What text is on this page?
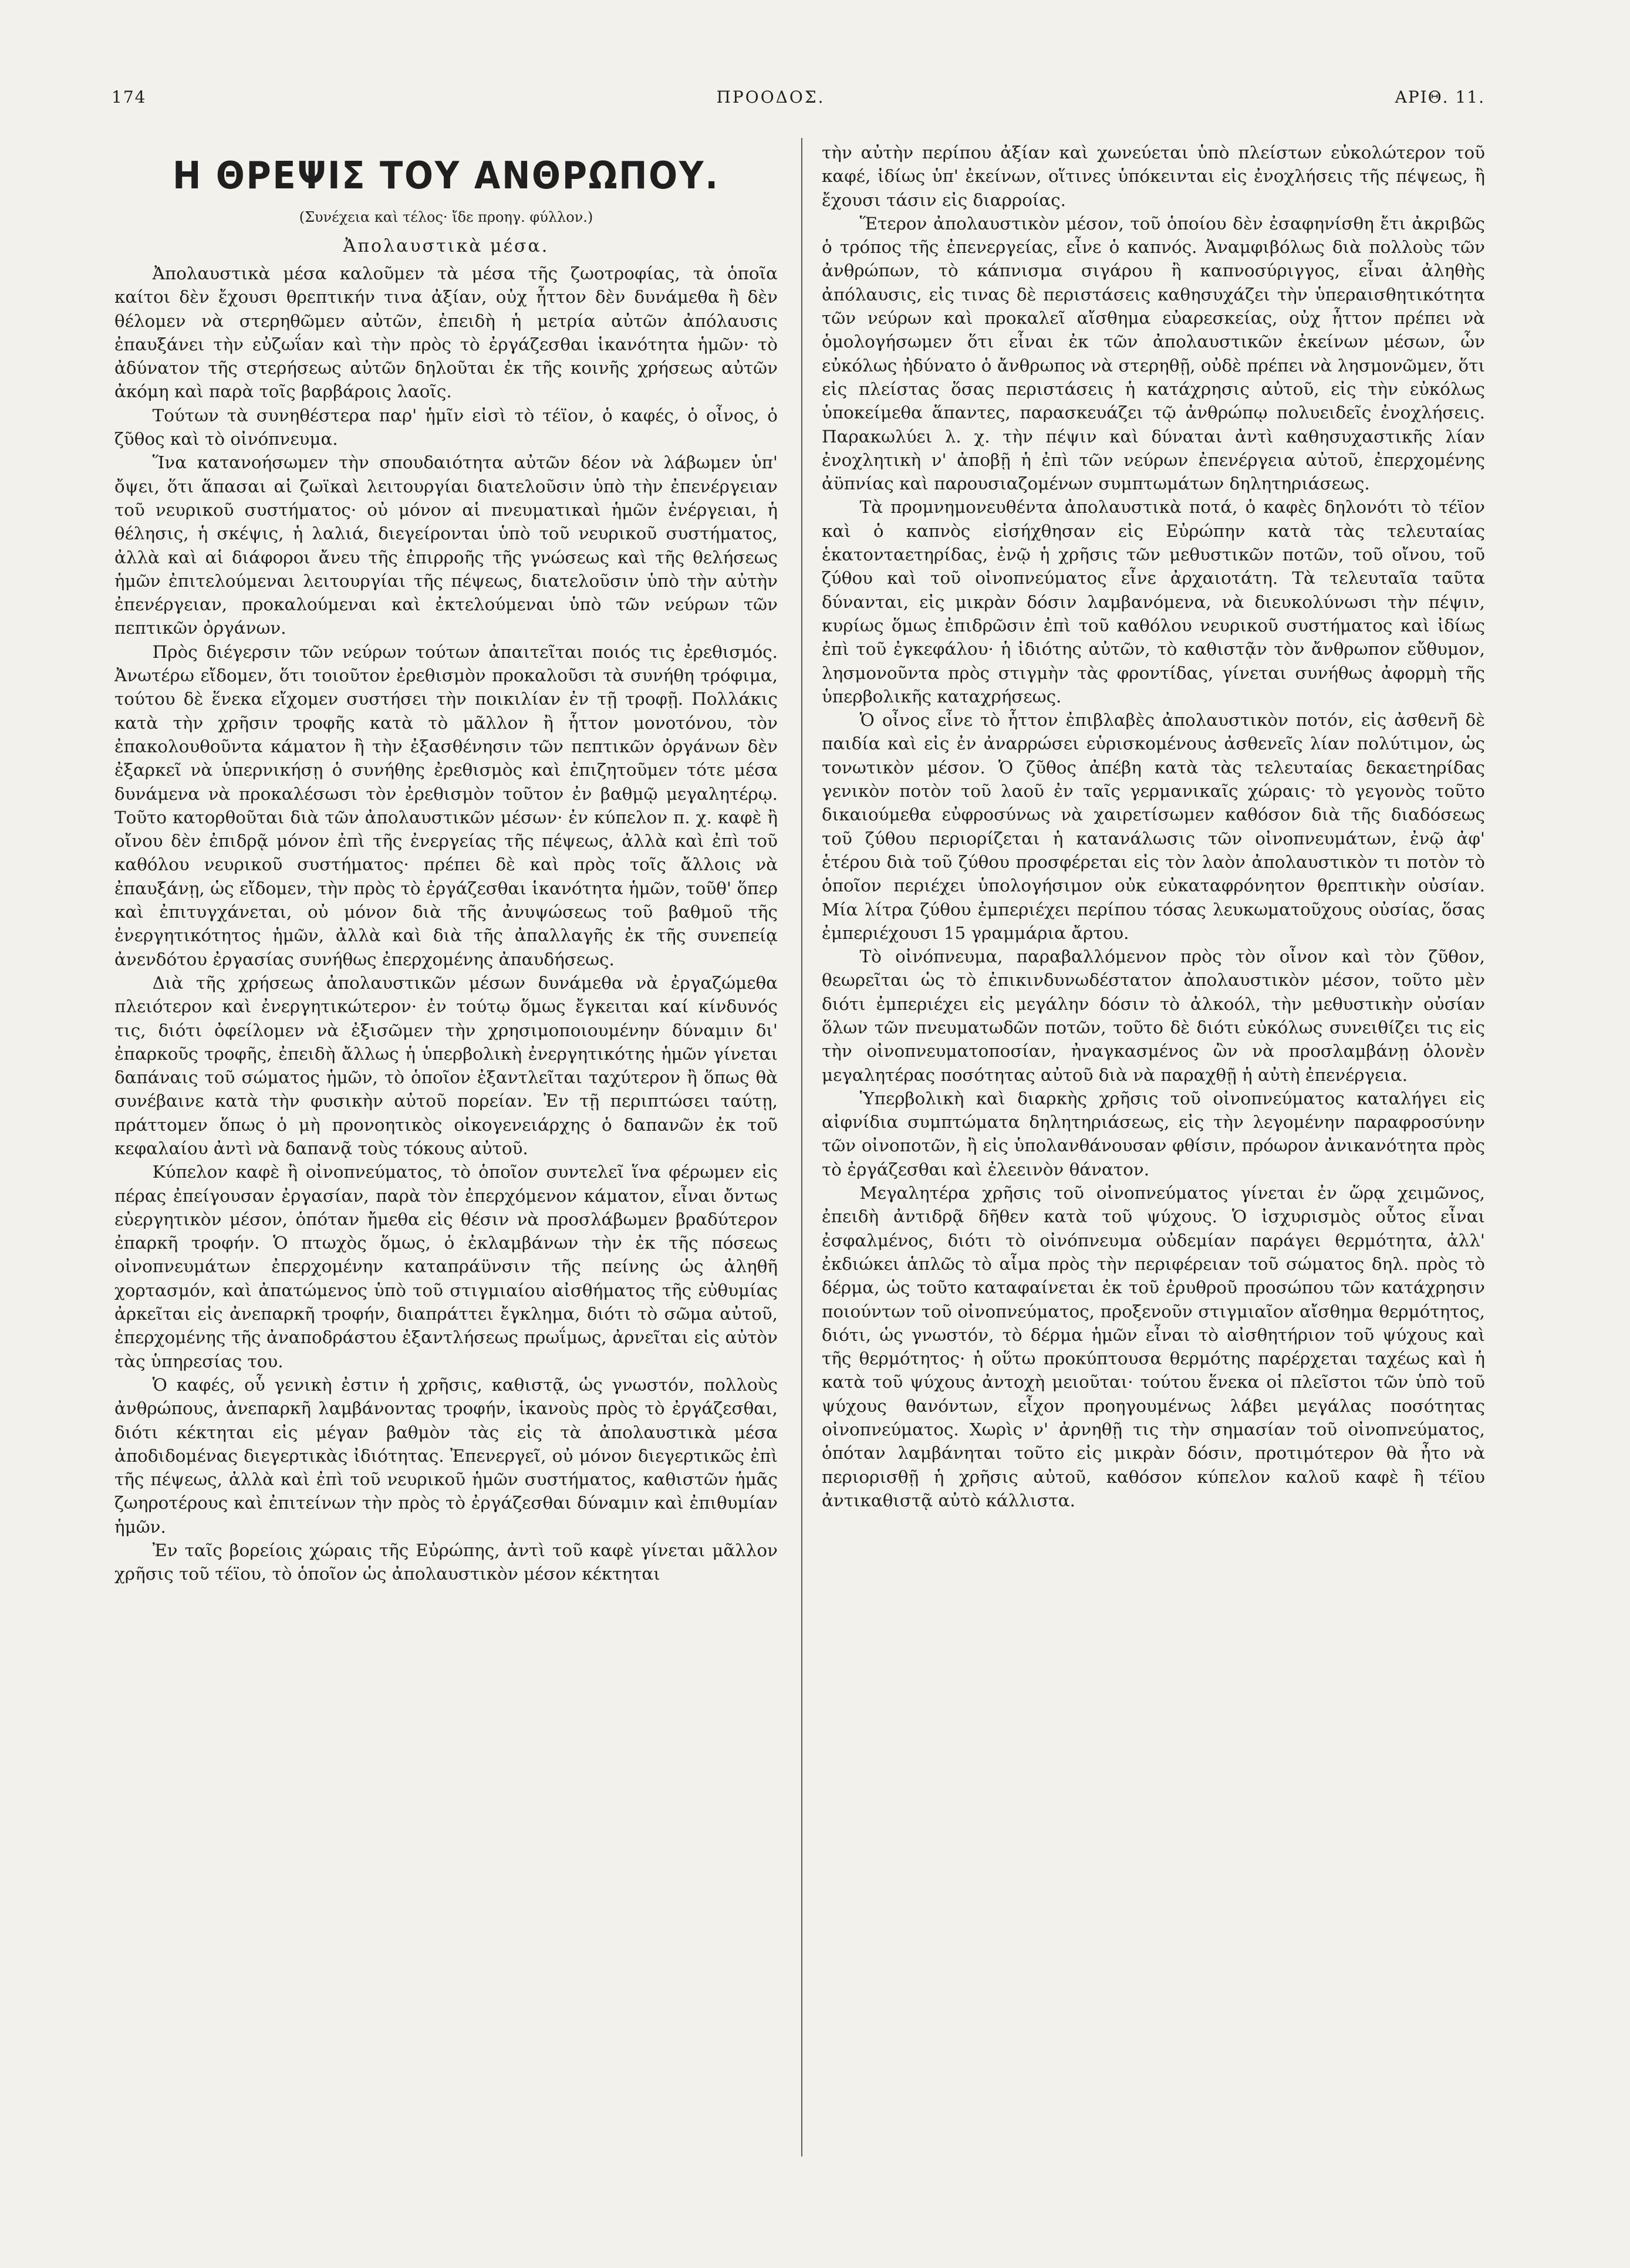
174	ΠΡΟΟΔΟΣ.	ΑΡΙΘ. 11.
Η ΘΡΕΨΙΣ ΤΟΥ ΑΝΘΡΩΠΟΥ.
(Συνέχεια καὶ τέλος· ἴδε προηγ. φύλλον.)
Ἀπολαυστικὰ μέσα.

Ἀπολαυστικὰ μέσα καλοῦμεν τὰ μέσα τῆς ζωοτροφίας, τὰ ὁποῖα καίτοι δὲν ἔχουσι θρεπτικήν τινα ἀξίαν, οὐχ ἧττον δὲν δυνάμεθα ἢ δὲν θέλομεν νὰ στερηθῶμεν αὐτῶν, ἐπειδὴ ἡ μετρία αὐτῶν ἀπόλαυσις ἐπαυξάνει τὴν εὐζωΐαν καὶ τὴν πρὸς τὸ ἐργάζεσθαι ἱκανότητα ἡμῶν· τὸ ἀδύνατον τῆς στερήσεως αὐτῶν δηλοῦται ἐκ τῆς κοινῆς χρήσεως αὐτῶν ἀκόμη καὶ παρὰ τοῖς βαρβάροις λαοῖς.

Τούτων τὰ συνηθέστερα παρ' ἡμῖν εἰσὶ τὸ τέϊον, ὁ καφές, ὁ οἶνος, ὁ ζῦθος καὶ τὸ οἰνόπνευμα.

Ἵνα κατανοήσωμεν τὴν σπουδαιότητα αὐτῶν δέον νὰ λάβωμεν ὑπ' ὄψει, ὅτι ἅπασαι αἱ ζωϊκαὶ λειτουργίαι διατελοῦσιν ὑπὸ τὴν ἐπενέργειαν τοῦ νευρικοῦ συστήματος· οὐ μόνον αἱ πνευματικαὶ ἡμῶν ἐνέργειαι, ἡ θέλησις, ἡ σκέψις, ἡ λαλιά, διεγείρονται ὑπὸ τοῦ νευρικοῦ συστήματος, ἀλλὰ καὶ αἱ διάφοροι ἄνευ τῆς ἐπιρροῆς τῆς γνώσεως καὶ τῆς θελήσεως ἡμῶν ἐπιτελούμεναι λειτουργίαι τῆς πέψεως, διατελοῦσιν ὑπὸ τὴν αὐτὴν ἐπενέργειαν, προκαλούμεναι καὶ ἐκτελούμεναι ὑπὸ τῶν νεύρων τῶν πεπτικῶν ὀργάνων.

Πρὸς διέγερσιν τῶν νεύρων τούτων ἀπαιτεῖται ποιός τις ἐρεθισμός. Ἀνωτέρω εἴδομεν, ὅτι τοιοῦτον ἐρεθισμὸν προκαλοῦσι τὰ συνήθη τρόφιμα, τούτου δὲ ἕνεκα εἴχομεν συστήσει τὴν ποικιλίαν ἐν τῇ τροφῇ. Πολλάκις κατὰ τὴν χρῆσιν τροφῆς κατὰ τὸ μᾶλλον ἢ ἧττον μονοτόνου, τὸν ἐπακολουθοῦντα κάματον ἢ τὴν ἐξασθένησιν τῶν πεπτικῶν ὀργάνων δὲν ἐξαρκεῖ νὰ ὑπερνικήσῃ ὁ συνήθης ἐρεθισμὸς καὶ ἐπιζητοῦμεν τότε μέσα δυνάμενα νὰ προκαλέσωσι τὸν ἐρεθισμὸν τοῦτον ἐν βαθμῷ μεγαλητέρῳ. Τοῦτο κατορθοῦται διὰ τῶν ἀπολαυστικῶν μέσων· ἐν κύπελον π. χ. καφὲ ἢ οἴνου δὲν ἐπιδρᾷ μόνον ἐπὶ τῆς ἐνεργείας τῆς πέψεως, ἀλλὰ καὶ ἐπὶ τοῦ καθόλου νευρικοῦ συστήματος· πρέπει δὲ καὶ πρὸς τοῖς ἄλλοις νὰ ἐπαυξάνῃ, ὡς εἴδομεν, τὴν πρὸς τὸ ἐργάζεσθαι ἱκανότητα ἡμῶν, τοῦθ' ὅπερ καὶ ἐπιτυγχάνεται, οὐ μόνον διὰ τῆς ἀνυψώσεως τοῦ βαθμοῦ τῆς ἐνεργητικότητος ἡμῶν, ἀλλὰ καὶ διὰ τῆς ἀπαλλαγῆς ἐκ τῆς συνεπείᾳ ἀνενδότου ἐργασίας συνήθως ἐπερχομένης ἀπαυδήσεως.

Διὰ τῆς χρήσεως ἀπολαυστικῶν μέσων δυνάμεθα νὰ ἐργαζώμεθα πλειότερον καὶ ἐνεργητικώτερον· ἐν τούτῳ ὅμως ἔγκειται καί κίνδυνός τις, διότι ὀφείλομεν νὰ ἐξισῶμεν τὴν χρησιμοποιουμένην δύναμιν δι' ἐπαρκοῦς τροφῆς, ἐπειδὴ ἄλλως ἡ ὑπερβολικὴ ἐνεργητικότης ἡμῶν γίνεται δαπάναις τοῦ σώματος ἡμῶν, τὸ ὁποῖον ἐξαντλεῖται ταχύτερον ἢ ὅπως θὰ συνέβαινε κατὰ τὴν φυσικὴν αὐτοῦ πορείαν. Ἐν τῇ περιπτώσει ταύτῃ, πράττομεν ὅπως ὁ μὴ προνοητικὸς οἰκογενειάρχης ὁ δαπανῶν ἐκ τοῦ κεφαλαίου ἀντὶ νὰ δαπανᾷ τοὺς τόκους αὐτοῦ.

Κύπελον καφὲ ἢ οἰνοπνεύματος, τὸ ὁποῖον συντελεῖ ἵνα φέρωμεν εἰς πέρας ἐπείγουσαν ἐργασίαν, παρὰ τὸν ἐπερχόμενον κάματον, εἶναι ὄντως εὐεργητικὸν μέσον, ὁπόταν ἤμεθα εἰς θέσιν νὰ προσλάβωμεν βραδύτερον ἐπαρκῆ τροφήν. Ὁ πτωχὸς ὅμως, ὁ ἐκλαμβάνων τὴν ἐκ τῆς πόσεως οἰνοπνευμάτων ἐπερχομένην καταπράϋνσιν τῆς πείνης ὡς ἀληθῆ χορτασμόν, καὶ ἀπατώμενος ὑπὸ τοῦ στιγμιαίου αἰσθήματος τῆς εὐθυμίας ἀρκεῖται εἰς ἀνεπαρκῆ τροφήν, διαπράττει ἔγκλημα, διότι τὸ σῶμα αὐτοῦ, ἐπερχομένης τῆς ἀναποδράστου ἐξαντλήσεως πρωΐμως, ἀρνεῖται εἰς αὐτὸν τὰς ὑπηρεσίας του.

Ὁ καφές, οὗ γενικὴ ἐστιν ἡ χρῆσις, καθιστᾷ, ὡς γνωστόν, πολλοὺς ἀνθρώπους, ἀνεπαρκῆ λαμβάνοντας τροφήν, ἱκανοὺς πρὸς τὸ ἐργάζεσθαι, διότι κέκτηται εἰς μέγαν βαθμὸν τὰς εἰς τὰ ἀπολαυστικὰ μέσα ἀποδιδομένας διεγερτικὰς ἰδιότητας. Ἐπενεργεῖ, οὐ μόνον διεγερτικῶς ἐπὶ τῆς πέψεως, ἀλλὰ καὶ ἐπὶ τοῦ νευρικοῦ ἡμῶν συστήματος, καθιστῶν ἡμᾶς ζωηροτέρους καὶ ἐπιτείνων τὴν πρὸς τὸ ἐργάζεσθαι δύναμιν καὶ ἐπιθυμίαν ἡμῶν.

Ἐν ταῖς βορείοις χώραις τῆς Εὐρώπης, ἀντὶ τοῦ καφὲ γίνεται μᾶλλον χρῆσις τοῦ τέϊου, τὸ ὁποῖον ὡς ἀπολαυστικὸν μέσον κέκτηται

τὴν αὐτὴν περίπου ἀξίαν καὶ χωνεύεται ὑπὸ πλείστων εὐκολώτερον τοῦ καφέ, ἰδίως ὑπ' ἐκείνων, οἵτινες ὑπόκεινται εἰς ἐνοχλήσεις τῆς πέψεως, ἢ ἔχουσι τάσιν εἰς διαρροίας.

Ἕτερον ἀπολαυστικὸν μέσον, τοῦ ὁποίου δὲν ἐσαφηνίσθη ἔτι ἀκριβῶς ὁ τρόπος τῆς ἐπενεργείας, εἶνε ὁ καπνός. Ἀναμφιβόλως διὰ πολλοὺς τῶν ἀνθρώπων, τὸ κάπνισμα σιγάρου ἢ καπνοσύριγγος, εἶναι ἀληθὴς ἀπόλαυσις, εἰς τινας δὲ περιστάσεις καθησυχάζει τὴν ὑπεραισθητικότητα τῶν νεύρων καὶ προκαλεῖ αἴσθημα εὐαρεσκείας, οὐχ ἧττον πρέπει νὰ ὁμολογήσωμεν ὅτι εἶναι ἐκ τῶν ἀπολαυστικῶν ἐκείνων μέσων, ὧν εὐκόλως ἠδύνατο ὁ ἄνθρωπος νὰ στερηθῇ, οὐδὲ πρέπει νὰ λησμονῶμεν, ὅτι εἰς πλείστας ὅσας περιστάσεις ἡ κατάχρησις αὐτοῦ, εἰς τὴν εὐκόλως ὑποκείμεθα ἅπαντες, παρασκευάζει τῷ ἀνθρώπῳ πολυειδεῖς ἐνοχλήσεις. Παρακωλύει λ. χ. τὴν πέψιν καὶ δύναται ἀντὶ καθησυχαστικῆς λίαν ἐνοχλητικὴ ν' ἀποβῇ ἡ ἐπὶ τῶν νεύρων ἐπενέργεια αὐτοῦ, ἐπερχομένης ἀϋπνίας καὶ παρουσιαζομένων συμπτωμάτων δηλητηριάσεως.

Τὰ προμνημονευθέντα ἀπολαυστικὰ ποτά, ὁ καφὲς δηλονότι τὸ τέϊον καὶ ὁ καπνὸς εἰσήχθησαν εἰς Εὐρώπην κατὰ τὰς τελευταίας ἑκατονταετηρίδας, ἐνῷ ἡ χρῆσις τῶν μεθυστικῶν ποτῶν, τοῦ οἴνου, τοῦ ζύθου καὶ τοῦ οἰνοπνεύματος εἶνε ἀρχαιοτάτη. Τὰ τελευταῖα ταῦτα δύνανται, εἰς μικρὰν δόσιν λαμβανόμενα, νὰ διευκολύνωσι τὴν πέψιν, κυρίως ὅμως ἐπιδρῶσιν ἐπὶ τοῦ καθόλου νευρικοῦ συστήματος καὶ ἰδίως ἐπὶ τοῦ ἐγκεφάλου· ἡ ἰδιότης αὐτῶν, τὸ καθιστᾷν τὸν ἄνθρωπον εὔθυμον, λησμονοῦντα πρὸς στιγμὴν τὰς φροντίδας, γίνεται συνήθως ἀφορμὴ τῆς ὑπερβολικῆς καταχρήσεως.

Ὁ οἶνος εἶνε τὸ ἧττον ἐπιβλαβὲς ἀπολαυστικὸν ποτόν, εἰς ἀσθενῆ δὲ παιδία καὶ εἰς ἐν ἀναρρώσει εὑρισκομένους ἀσθενεῖς λίαν πολύτιμον, ὡς τονωτικὸν μέσον. Ὁ ζῦθος ἀπέβη κατὰ τὰς τελευταίας δεκαετηρίδας γενικὸν ποτὸν τοῦ λαοῦ ἐν ταῖς γερμανικαῖς χώραις· τὸ γεγονὸς τοῦτο δικαιούμεθα εὐφροσύνως νὰ χαιρετίσωμεν καθόσον διὰ τῆς διαδόσεως τοῦ ζύθου περιορίζεται ἡ κατανάλωσις τῶν οἰνοπνευμάτων, ἐνῷ ἀφ' ἑτέρου διὰ τοῦ ζύθου προσφέρεται εἰς τὸν λαὸν ἀπολαυστικὸν τι ποτὸν τὸ ὁποῖον περιέχει ὑπολογήσιμον οὐκ εὐκαταφρόνητον θρεπτικὴν οὐσίαν. Μία λίτρα ζύθου ἐμπεριέχει περίπου τόσας λευκωματοῦχους οὐσίας, ὅσας ἐμπεριέχουσι 15 γραμμάρια ἄρτου.

Τὸ οἰνόπνευμα, παραβαλλόμενον πρὸς τὸν οἶνον καὶ τὸν ζῦθον, θεωρεῖται ὡς τὸ ἐπικινδυνωδέστατον ἀπολαυστικὸν μέσον, τοῦτο μὲν διότι ἐμπεριέχει εἰς μεγάλην δόσιν τὸ ἀλκοόλ, τὴν μεθυστικὴν οὐσίαν ὅλων τῶν πνευματωδῶν ποτῶν, τοῦτο δὲ διότι εὐκόλως συνειθίζει τις εἰς τὴν οἰνοπνευματοποσίαν, ἠναγκασμένος ὢν νὰ προσλαμβάνῃ ὁλονὲν μεγαλητέρας ποσότητας αὐτοῦ διὰ νὰ παραχθῇ ἡ αὐτὴ ἐπενέργεια.

Ὑπερβολικὴ καὶ διαρκὴς χρῆσις τοῦ οἰνοπνεύματος καταλήγει εἰς αἰφνίδια συμπτώματα δηλητηριάσεως, εἰς τὴν λεγομένην παραφροσύνην τῶν οἰνοποτῶν, ἢ εἰς ὑπολανθάνουσαν φθίσιν, πρόωρον ἀνικανότητα πρὸς τὸ ἐργάζεσθαι καὶ ἐλεεινὸν θάνατον.

Μεγαλητέρα χρῆσις τοῦ οἰνοπνεύματος γίνεται ἐν ὥρᾳ χειμῶνος, ἐπειδὴ ἀντιδρᾷ δῆθεν κατὰ τοῦ ψύχους. Ὁ ἰσχυρισμὸς οὗτος εἶναι ἐσφαλμένος, διότι τὸ οἰνόπνευμα οὐδεμίαν παράγει θερμότητα, ἀλλ' ἐκδιώκει ἁπλῶς τὸ αἷμα πρὸς τὴν περιφέρειαν τοῦ σώματος δηλ. πρὸς τὸ δέρμα, ὡς τοῦτο καταφαίνεται ἐκ τοῦ ἐρυθροῦ προσώπου τῶν κατάχρησιν ποιούντων τοῦ οἰνοπνεύματος, προξενοῦν στιγμιαῖον αἴσθημα θερμότητος, διότι, ὡς γνωστόν, τὸ δέρμα ἡμῶν εἶναι τὸ αἰσθητήριον τοῦ ψύχους καὶ τῆς θερμότητος· ἡ οὕτω προκύπτουσα θερμότης παρέρχεται ταχέως καὶ ἡ κατὰ τοῦ ψύχους ἀντοχὴ μειοῦται· τούτου ἕνεκα οἱ πλεῖστοι τῶν ὑπὸ τοῦ ψύχους θανόντων, εἶχον προηγουμένως λάβει μεγάλας ποσότητας οἰνοπνεύματος. Χωρὶς ν' ἀρνηθῇ τις τὴν σημασίαν τοῦ οἰνοπνεύματος, ὁπόταν λαμβάνηται τοῦτο εἰς μικρὰν δόσιν, προτιμότερον θὰ ἦτο νὰ περιορισθῇ ἡ χρῆσις αὐτοῦ, καθόσον κύπελον καλοῦ καφὲ ἢ τέϊου ἀντικαθιστᾷ αὐτὸ κάλλιστα.
